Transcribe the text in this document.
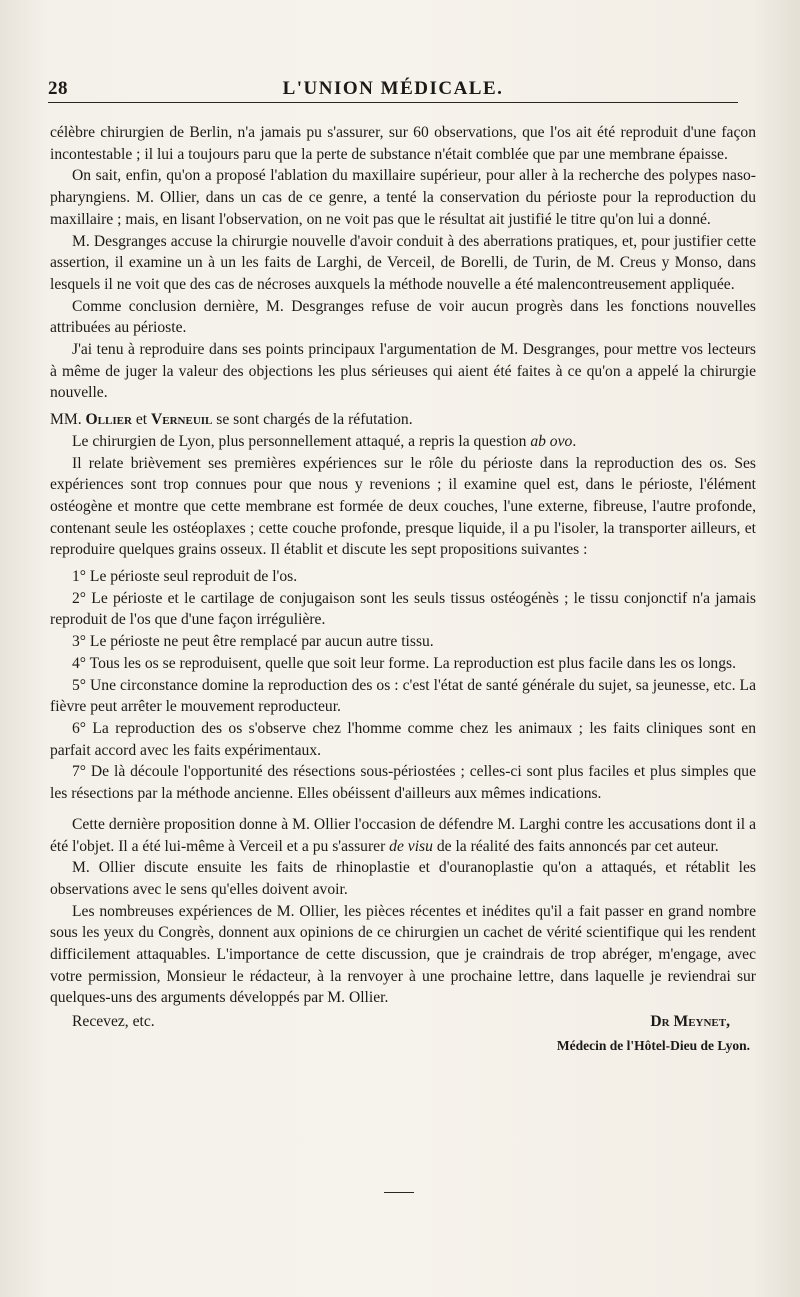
28	L'UNION MÉDICALE.

célèbre chirurgien de Berlin, n'a jamais pu s'assurer, sur 60 observations, que l'os ait été reproduit d'une façon incontestable ; il lui a toujours paru que la perte de substance n'était comblée que par une membrane épaisse.

On sait, enfin, qu'on a proposé l'ablation du maxillaire supérieur, pour aller à la recherche des polypes naso-pharyngiens. M. Ollier, dans un cas de ce genre, a tenté la conservation du périoste pour la reproduction du maxillaire ; mais, en lisant l'observation, on ne voit pas que le résultat ait justifié le titre qu'on lui a donné.

M. Desgranges accuse la chirurgie nouvelle d'avoir conduit à des aberrations pratiques, et, pour justifier cette assertion, il examine un à un les faits de Larghi, de Verceil, de Borelli, de Turin, de M. Creus y Monso, dans lesquels il ne voit que des cas de nécroses auxquels la méthode nouvelle a été malencontreusement appliquée.

Comme conclusion dernière, M. Desgranges refuse de voir aucun progrès dans les fonctions nouvelles attribuées au périoste.

J'ai tenu à reproduire dans ses points principaux l'argumentation de M. Desgranges, pour mettre vos lecteurs à même de juger la valeur des objections les plus sérieuses qui aient été faites à ce qu'on a appelé la chirurgie nouvelle.

MM. Ollier et Verneuil se sont chargés de la réfutation.

Le chirurgien de Lyon, plus personnellement attaqué, a repris la question ab ovo.

Il relate brièvement ses premières expériences sur le rôle du périoste dans la reproduction des os. Ses expériences sont trop connues pour que nous y revenions ; il examine quel est, dans le périoste, l'élément ostéogène et montre que cette membrane est formée de deux couches, l'une externe, fibreuse, l'autre profonde, contenant seule les ostéoplaxes ; cette couche profonde, presque liquide, il a pu l'isoler, la transporter ailleurs, et reproduire quelques grains osseux. Il établit et discute les sept propositions suivantes :

1° Le périoste seul reproduit de l'os.

2° Le périoste et le cartilage de conjugaison sont les seuls tissus ostéogénès ; le tissu conjonctif n'a jamais reproduit de l'os que d'une façon irrégulière.

3° Le périoste ne peut être remplacé par aucun autre tissu.

4° Tous les os se reproduisent, quelle que soit leur forme. La reproduction est plus facile dans les os longs.

5° Une circonstance domine la reproduction des os : c'est l'état de santé générale du sujet, sa jeunesse, etc. La fièvre peut arrêter le mouvement reproducteur.

6° La reproduction des os s'observe chez l'homme comme chez les animaux ; les faits cliniques sont en parfait accord avec les faits expérimentaux.

7° De là découle l'opportunité des résections sous-périostées ; celles-ci sont plus faciles et plus simples que les résections par la méthode ancienne. Elles obéissent d'ailleurs aux mêmes indications.

Cette dernière proposition donne à M. Ollier l'occasion de défendre M. Larghi contre les accusations dont il a été l'objet. Il a été lui-même à Verceil et a pu s'assurer de visu de la réalité des faits annoncés par cet auteur.

M. Ollier discute ensuite les faits de rhinoplastie et d'ouranoplastie qu'on a attaqués, et rétablit les observations avec le sens qu'elles doivent avoir.

Les nombreuses expériences de M. Ollier, les pièces récentes et inédites qu'il a fait passer en grand nombre sous les yeux du Congrès, donnent aux opinions de ce chirurgien un cachet de vérité scientifique qui les rendent difficilement attaquables. L'importance de cette discussion, que je craindrais de trop abréger, m'engage, avec votre permission, Monsieur le rédacteur, à la renvoyer à une prochaine lettre, dans laquelle je reviendrai sur quelques-uns des arguments développés par M. Ollier.

Recevez, etc.	Dr Meynet,
Médecin de l'Hôtel-Dieu de Lyon.
